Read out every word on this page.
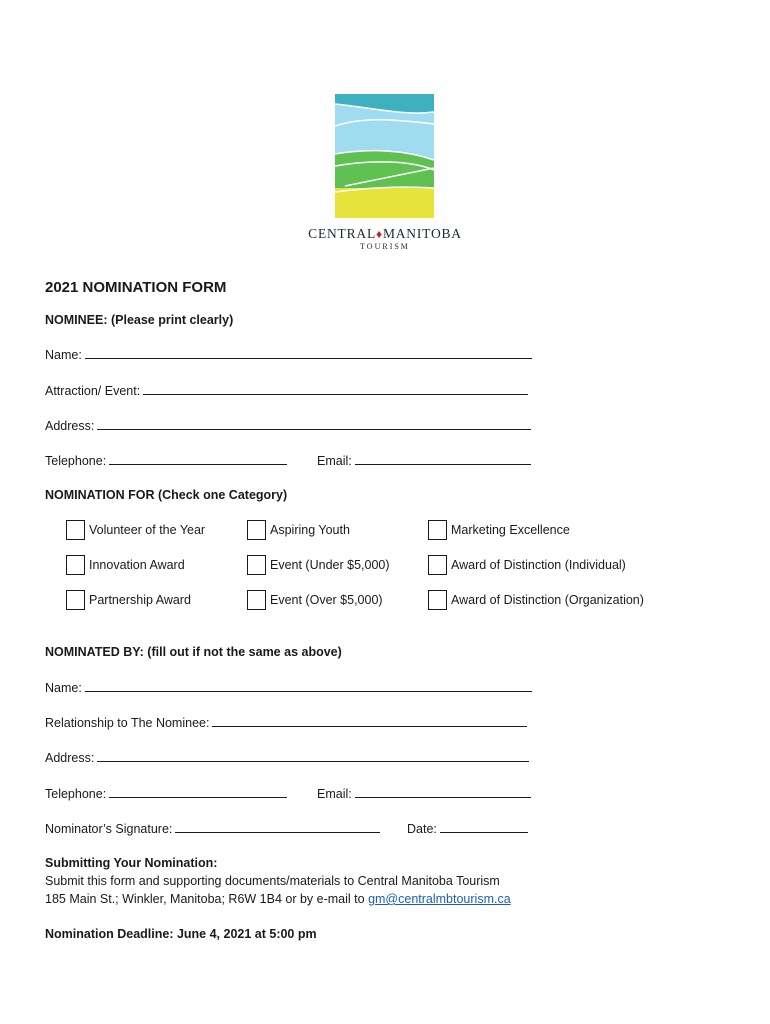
CENTRAL♦MANITOBA
TOURISM
2021 NOMINATION FORM
NOMINEE: (Please print clearly)
Name:
Attraction/ Event:
Address:
Telephone:	Email:
NOMINATION FOR (Check one Category)
Volunteer of the Year	Aspiring Youth	Marketing Excellence
Innovation Award	Event (Under $5,000)	Award of Distinction (Individual)
Partnership Award	Event (Over $5,000)	Award of Distinction (Organization)
NOMINATED BY: (fill out if not the same as above)
Name:
Relationship to The Nominee:
Address:
Telephone:	Email:
Nominator’s Signature:	Date:
Submitting Your Nomination:
Submit this form and supporting documents/materials to Central Manitoba Tourism
185 Main St.; Winkler, Manitoba; R6W 1B4 or by e-mail to gm@centralmbtourism.ca
Nomination Deadline: June 4, 2021 at 5:00 pm
